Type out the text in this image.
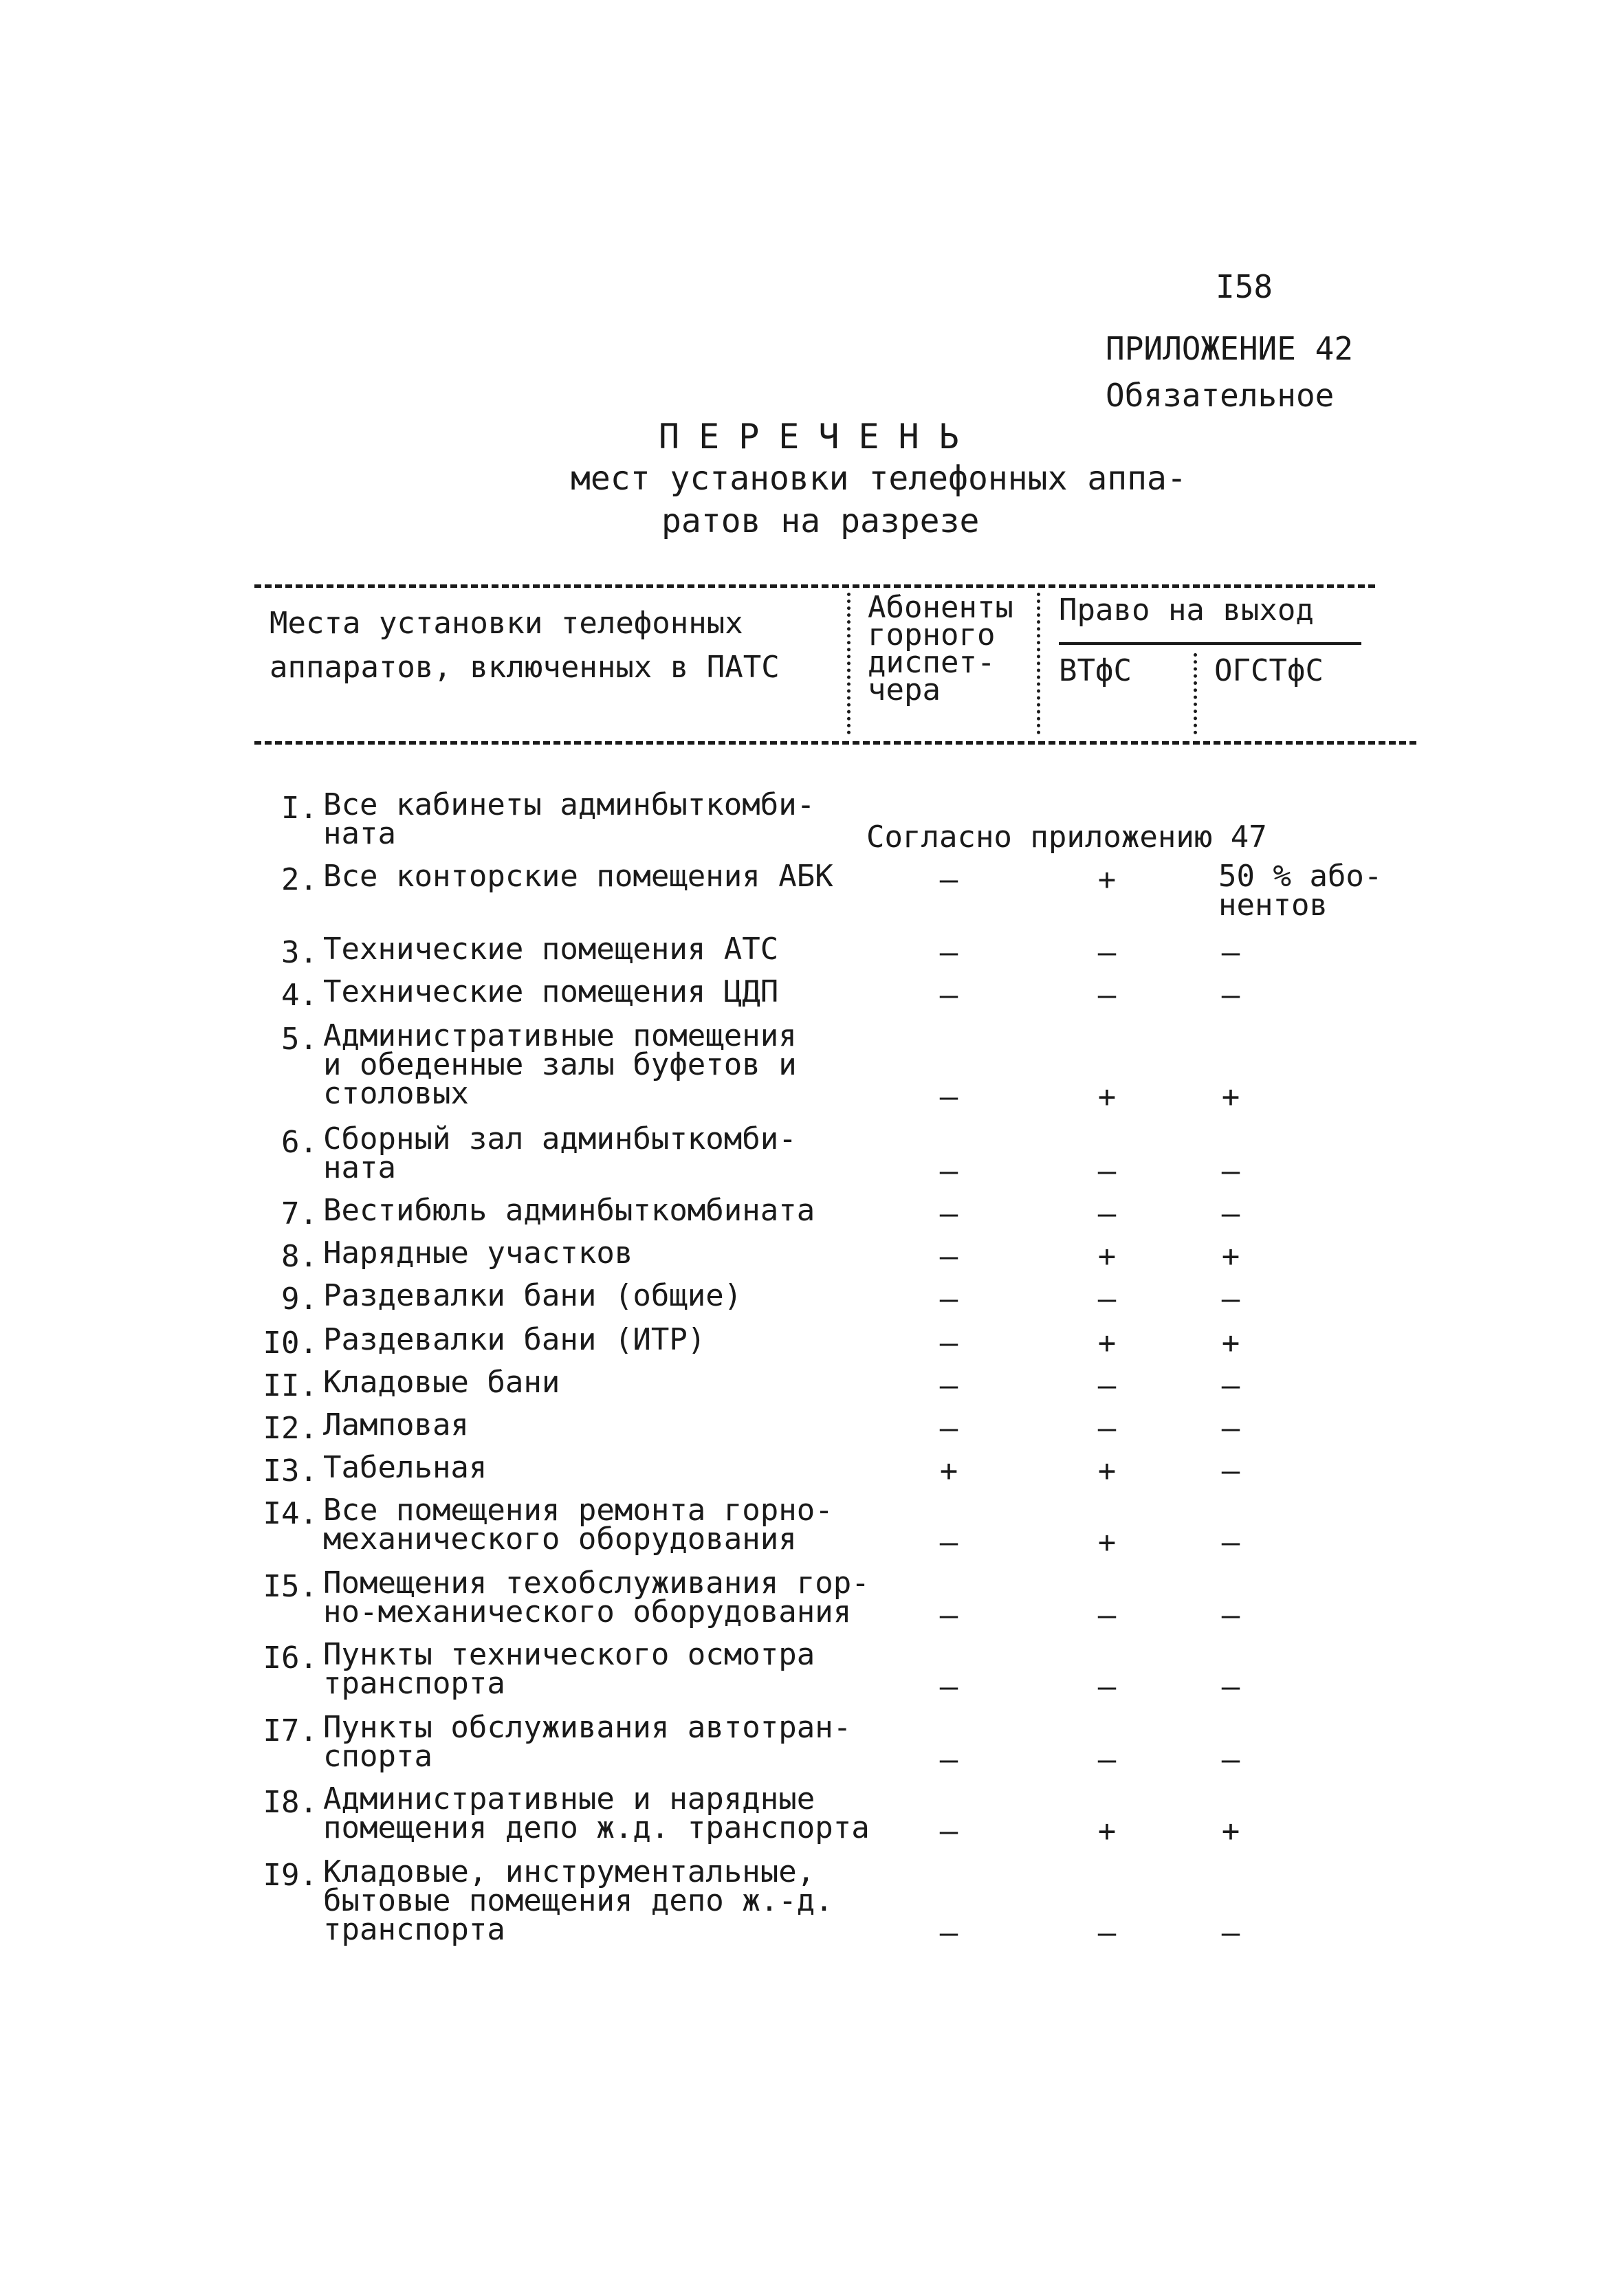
I58
ПРИЛОЖЕНИЕ 42
Обязательное
ПЕРЕЧЕНЬ
мест установки телефонных аппа-
ратов на разрезе
Места установки телефонных
аппаратов, включенных в ПАТС
Абоненты
горного
диспет-
чера
Право на выход
ВТфС	ОГСТфС
I. Все кабинеты админбыткомби-
ната	Согласно приложению 47
2. Все конторские помещения АБК	–	+	50 % або-
нентов
3. Технические помещения АТС	–	–	–
4. Технические помещения ЦДП	–	–	–
5. Административные помещения
и обеденные залы буфетов и
столовых	–	+	+
6. Сборный зал админбыткомби-
ната	–	–	–
7. Вестибюль админбыткомбината	–	–	–
8. Нарядные участков	–	+	+
9. Раздевалки бани (общие)	–	–	–
I0. Раздевалки бани (ИТР)	–	+	+
II. Кладовые бани	–	–	–
I2. Ламповая	–	–	–
I3. Табельная	+	+	–
I4. Все помещения ремонта горно-
механического оборудования	–	+	–
I5. Помещения техобслуживания гор-
но-механического оборудования	–	–	–
I6. Пункты технического осмотра
транспорта	–	–	–
I7. Пункты обслуживания автотран-
спорта	–	–	–
I8. Административные и нарядные
помещения депо ж.д. транспорта	–	+	+
I9. Кладовые, инструментальные,
бытовые помещения депо ж.-д.
транспорта	–	–	–
